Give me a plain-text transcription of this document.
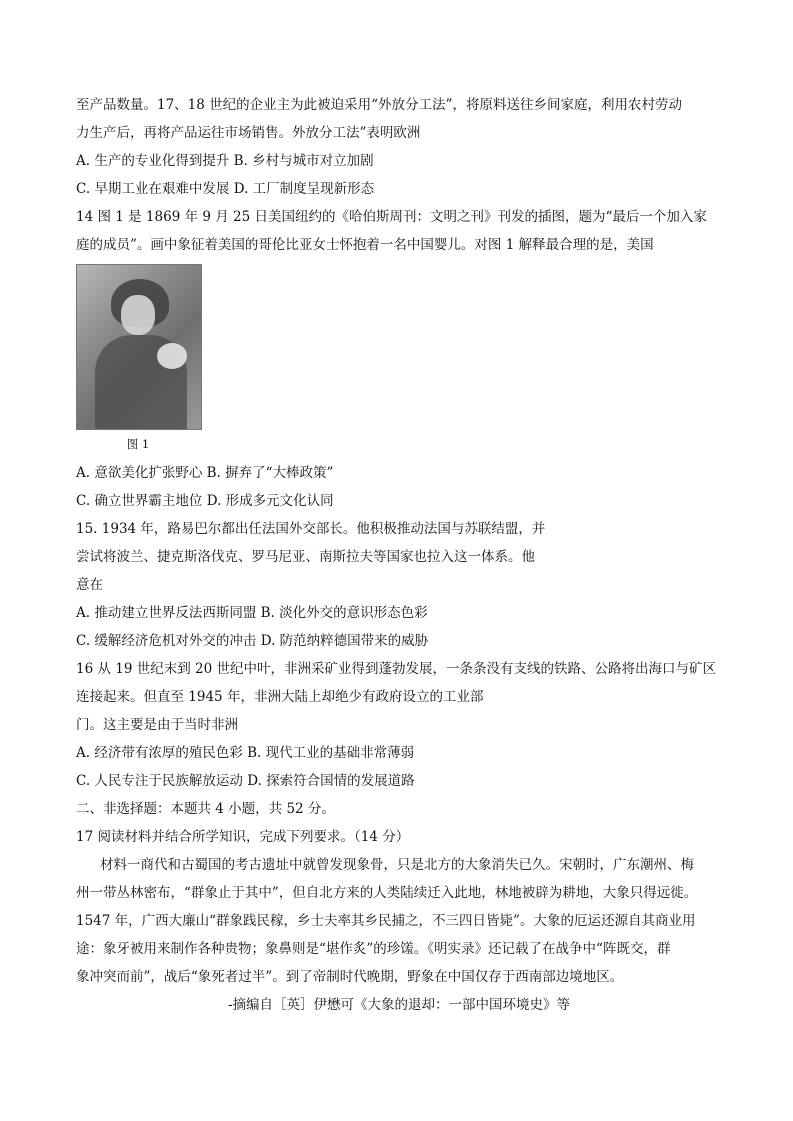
至产品数量。17、18 世纪的企业主为此被迫采用“外放分工法”，将原料送往乡间家庭，利用农村劳动
力生产后，再将产品运往市场销售。外放分工法”表明欧洲
A. 生产的专业化得到提升 B. 乡村与城市对立加剧
C. 早期工业在艰难中发展 D. 工厂制度呈现新形态
14 图 1 是 1869 年 9 月 25 日美国纽约的《哈伯斯周刊：文明之刊》刊发的插图，题为“最后一个加入家
庭的成员”。画中象征着美国的哥伦比亚女士怀抱着一名中国婴儿。对图 1 解释最合理的是，美国
图 1
A. 意欲美化扩张野心 B. 摒弃了“大棒政策”
C. 确立世界霸主地位 D. 形成多元文化认同
15. 1934 年，路易巴尔都出任法国外交部长。他积极推动法国与苏联结盟，并
尝试将波兰、捷克斯洛伐克、罗马尼亚、南斯拉夫等国家也拉入这一体系。他
意在
A. 推动建立世界反法西斯同盟 B. 淡化外交的意识形态色彩
C. 缓解经济危机对外交的冲击 D. 防范纳粹德国带来的威胁
16 从 19 世纪末到 20 世纪中叶，非洲采矿业得到蓬勃发展，一条条没有支线的铁路、公路将出海口与矿区
连接起来。但直至 1945 年，非洲大陆上却绝少有政府设立的工业部
门。这主要是由于当时非洲
A. 经济带有浓厚的殖民色彩 B. 现代工业的基础非常薄弱
C. 人民专注于民族解放运动 D. 探索符合国情的发展道路
二、非选择题：本题共 4 小题，共 52 分。
17 阅读材料并结合所学知识，完成下列要求。（14 分）
材料一商代和古蜀国的考古遗址中就曾发现象骨，只是北方的大象消失已久。宋朝时，广东潮州、梅
州一带丛林密布，“群象止于其中”，但自北方来的人类陆续迁入此地，林地被辟为耕地，大象只得远徙。
1547 年，广西大廉山“群象践民稼，乡士夫率其乡民捕之，不三四日皆毙”。大象的厄运还源自其商业用
途：象牙被用来制作各种贵物；象鼻则是“堪作炙”的珍馐。《明实录》还记载了在战争中“阵既交，群
象冲突而前”，战后“象死者过半”。到了帝制时代晚期，野象在中国仅存于西南部边境地区。
-摘编自［英］伊懋可《大象的退却：一部中国环境史》等
